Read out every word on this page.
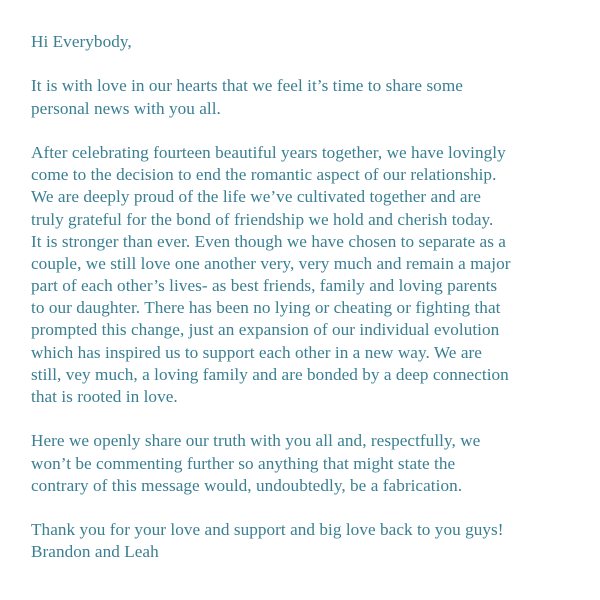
Hi Everybody,
It is with love in our hearts that we feel it’s time to share some
personal news with you all.
After celebrating fourteen beautiful years together, we have lovingly
come to the decision to end the romantic aspect of our relationship.
We are deeply proud of the life we’ve cultivated together and are
truly grateful for the bond of friendship we hold and cherish today.
It is stronger than ever. Even though we have chosen to separate as a
couple, we still love one another very, very much and remain a major
part of each other’s lives- as best friends, family and loving parents
to our daughter. There has been no lying or cheating or fighting that
prompted this change, just an expansion of our individual evolution
which has inspired us to support each other in a new way. We are
still, vey much, a loving family and are bonded by a deep connection
that is rooted in love.
Here we openly share our truth with you all and, respectfully, we
won’t be commenting further so anything that might state the
contrary of this message would, undoubtedly, be a fabrication.
Thank you for your love and support and big love back to you guys!
Brandon and Leah
